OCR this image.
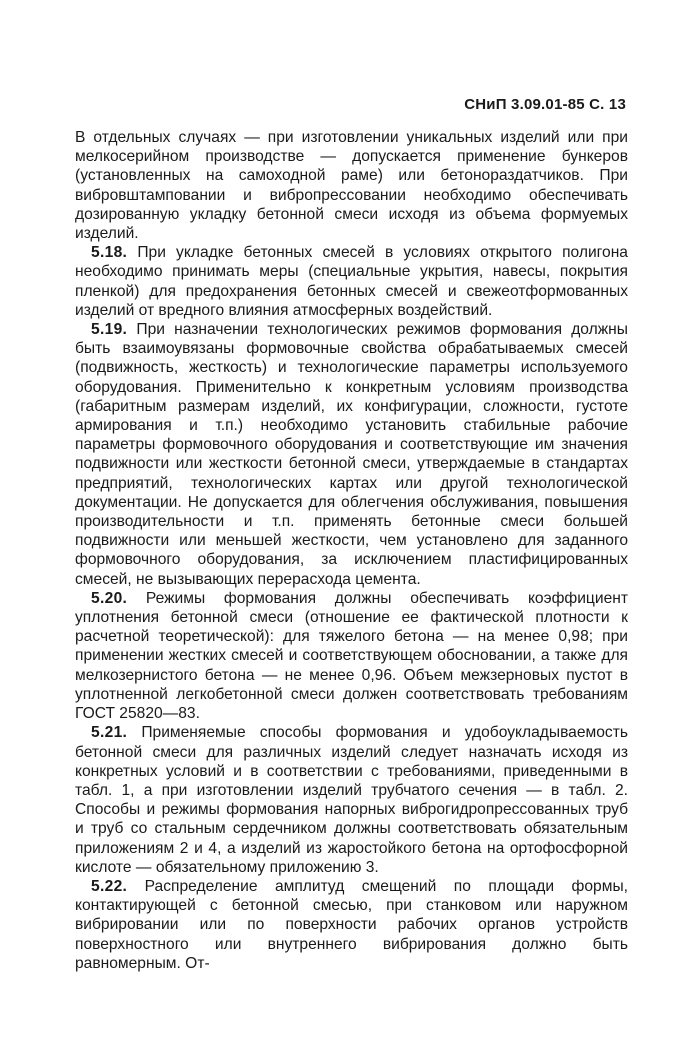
СНиП 3.09.01-85 С. 13

В отдельных случаях — при изготовлении уникальных изделий или при мелкосерийном производстве — допускается применение бункеров (установленных на самоходной раме) или бетонораздатчиков. При вибровштамповании и вибропрессовании необходимо обеспечивать дозированную укладку бетонной смеси исходя из объема формуемых изделий.

5.18. При укладке бетонных смесей в условиях открытого полигона необходимо принимать меры (специальные укрытия, навесы, покрытия пленкой) для предохранения бетонных смесей и свежеотформованных изделий от вредного влияния атмосферных воздействий.

5.19. При назначении технологических режимов формования должны быть взаимоувязаны формовочные свойства обрабатываемых смесей (подвижность, жесткость) и технологические параметры используемого оборудования. Применительно к конкретным условиям производства (габаритным размерам изделий, их конфигурации, сложности, густоте армирования и т.п.) необходимо установить стабильные рабочие параметры формовочного оборудования и соответствующие им значения подвижности или жесткости бетонной смеси, утверждаемые в стандартах предприятий, технологических картах или другой технологической документации. Не допускается для облегчения обслуживания, повышения производительности и т.п. применять бетонные смеси большей подвижности или меньшей жесткости, чем установлено для заданного формовочного оборудования, за исключением пластифицированных смесей, не вызывающих перерасхода цемента.

5.20. Режимы формования должны обеспечивать коэффициент уплотнения бетонной смеси (отношение ее фактической плотности к расчетной теоретической): для тяжелого бетона — на менее 0,98; при применении жестких смесей и соответствующем обосновании, а также для мелкозернистого бетона — не менее 0,96. Объем межзерновых пустот в уплотненной легкобетонной смеси должен соответствовать требованиям ГОСТ 25820—83.

5.21. Применяемые способы формования и удобоукладываемость бетонной смеси для различных изделий следует назначать исходя из конкретных условий и в соответствии с требованиями, приведенными в табл. 1, а при изготовлении изделий трубчатого сечения — в табл. 2. Способы и режимы формования напорных виброгидропрессованных труб и труб со стальным сердечником должны соответствовать обязательным приложениям 2 и 4, а изделий из жаростойкого бетона на ортофосфорной кислоте — обязательному приложению 3.

5.22. Распределение амплитуд смещений по площади формы, контактирующей с бетонной смесью, при станковом или наружном вибрировании или по поверхности рабочих органов устройств поверхностного или внутреннего вибрирования должно быть равномерным. От-
